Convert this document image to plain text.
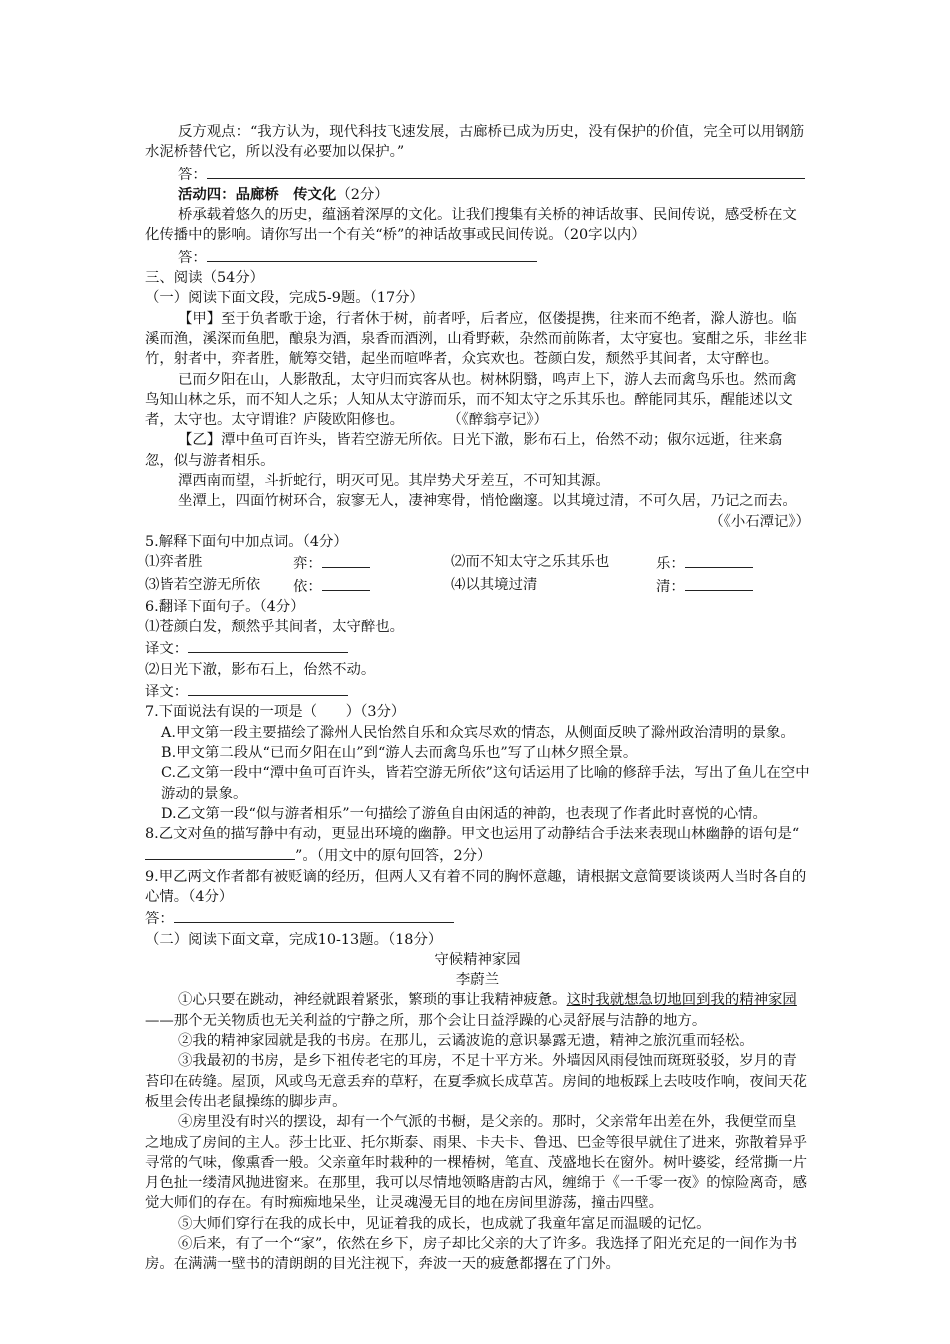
反方观点：“我方认为，现代科技飞速发展，古廊桥已成为历史，没有保护的价值，完全可以用钢筋水泥桥替代它，所以没有必要加以保护。”

答：

活动四：品廊桥　传文化（2分）

桥承载着悠久的历史，蕴涵着深厚的文化。让我们搜集有关桥的神话故事、民间传说，感受桥在文化传播中的影响。请你写出一个有关“桥”的神话故事或民间传说。（20字以内）

答：

三、阅读（54分）

（一）阅读下面文段，完成5-9题。（17分）

【甲】至于负者歌于途，行者休于树，前者呼，后者应，伛偻提携，往来而不绝者，滁人游也。临溪而渔，溪深而鱼肥，酿泉为酒，泉香而酒洌，山肴野蔌，杂然而前陈者，太守宴也。宴酣之乐，非丝非竹，射者中，弈者胜，觥筹交错，起坐而喧哗者，众宾欢也。苍颜白发，颓然乎其间者，太守醉也。

已而夕阳在山，人影散乱，太守归而宾客从也。树林阴翳，鸣声上下，游人去而禽鸟乐也。然而禽鸟知山林之乐，而不知人之乐；人知从太守游而乐，而不知太守之乐其乐也。醉能同其乐，醒能述以文者，太守也。太守谓谁？庐陵欧阳修也。　　　　（《醉翁亭记》）

【乙】潭中鱼可百许头，皆若空游无所依。日光下澈，影布石上，佁然不动；俶尔远逝，往来翕忽，似与游者相乐。

潭西南而望，斗折蛇行，明灭可见。其岸势犬牙差互，不可知其源。

坐潭上，四面竹树环合，寂寥无人，凄神寒骨，悄怆幽邃。以其境过清，不可久居，乃记之而去。

（《小石潭记》）

5.解释下面句中加点词。（4分）

⑴弈者胜	弈：	⑵而不知太守之乐其乐也	乐：
⑶皆若空游无所依	依：	⑷以其境过清	清：

6.翻译下面句子。（4分）

⑴苍颜白发，颓然乎其间者，太守醉也。

译文：

⑵日光下澈，影布石上，佁然不动。

译文：

7.下面说法有误的一项是（　　）（3分）

A.甲文第一段主要描绘了滁州人民怡然自乐和众宾尽欢的情态，从侧面反映了滁州政治清明的景象。

B.甲文第二段从“已而夕阳在山”到“游人去而禽鸟乐也”写了山林夕照全景。

C.乙文第一段中“潭中鱼可百许头，皆若空游无所依”这句话运用了比喻的修辞手法，写出了鱼儿在空中游动的景象。

D.乙文第一段“似与游者相乐”一句描绘了游鱼自由闲适的神韵，也表现了作者此时喜悦的心情。

8.乙文对鱼的描写静中有动，更显出环境的幽静。甲文也运用了动静结合手法来表现山林幽静的语句是“”。（用文中的原句回答，2分）

9.甲乙两文作者都有被贬谪的经历，但两人又有着不同的胸怀意趣，请根据文意简要谈谈两人当时各自的心情。（4分）

答：

（二）阅读下面文章，完成10-13题。（18分）

守候精神家园

李蔚兰

①心只要在跳动，神经就跟着紧张，繁琐的事让我精神疲惫。这时我就想急切地回到我的精神家园——那个无关物质也无关利益的宁静之所，那个会让日益浮躁的心灵舒展与洁静的地方。

②我的精神家园就是我的书房。在那儿，云谲波诡的意识暴露无遗，精神之旅沉重而轻松。

③我最初的书房，是乡下祖传老宅的耳房，不足十平方米。外墙因风雨侵蚀而斑斑驳驳，岁月的青苔印在砖缝。屋顶，风或鸟无意丢弃的草籽，在夏季疯长成草苫。房间的地板踩上去吱吱作响，夜间天花板里会传出老鼠操练的脚步声。

④房里没有时兴的摆设，却有一个气派的书橱，是父亲的。那时，父亲常年出差在外，我便堂而皇之地成了房间的主人。莎士比亚、托尔斯泰、雨果、卡夫卡、鲁迅、巴金等很早就住了进来，弥散着异乎寻常的气味，像熏香一般。父亲童年时栽种的一棵椿树，笔直、茂盛地长在窗外。树叶婆娑，经常撕一片月色扯一缕清风抛进窗来。在那里，我可以尽情地领略唐韵古风，缠绵于《一千零一夜》的惊险离奇，感觉大师们的存在。有时痴痴地呆坐，让灵魂漫无目的地在房间里游荡，撞击四壁。

⑤大师们穿行在我的成长中，见证着我的成长，也成就了我童年富足而温暖的记忆。

⑥后来，有了一个“家”，依然在乡下，房子却比父亲的大了许多。我选择了阳光充足的一间作为书房。在满满一壁书的清朗朗的目光注视下，奔波一天的疲惫都撂在了门外。
